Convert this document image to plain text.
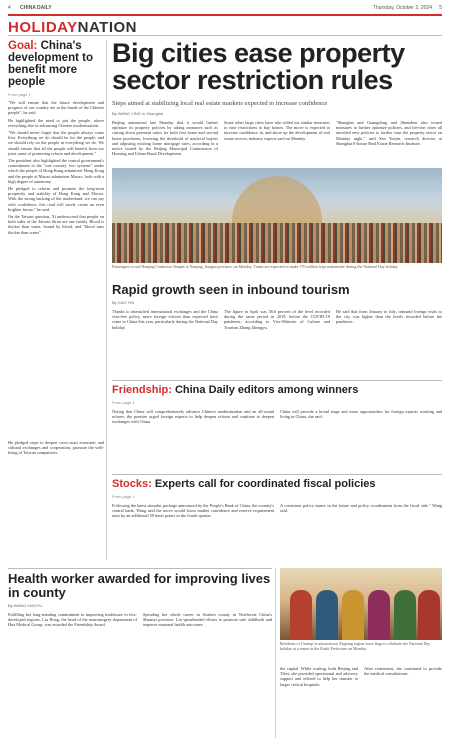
4 CHINA DAILY	Thursday, October 2, 2024 5
HOLIDAYNATION
Goal: China's development to benefit more people
From page 1

"We will ensure that the future development and progress of our country are in the hands of the Chinese people", he said.

He highlighted the need to put the people, above everything else in advancing Chinese modernization.

"We should never forget that the people always come first. Everything we do should be for the people, and we should rely on the people in everything we do. We should ensure that all the people will benefit from our joint cause of promoting reform and development."

The president also highlighted the central government's commitment to the "one country, two systems" under which the people of Hong Kong administer Hong Kong and the people of Macao administer Macao, both with a high degree of autonomy.

He pledged to reform and promote the long-term prosperity and stability of Hong Kong and Macao. With the strong backing of the motherland, we can say with confidence, this road will surely create an even brighter future," he said.

On the Taiwan question, Xi underscored that people on both sides of the Taiwan Strait are one family. Blood is thicker than water, bound by blood, and "blood runs thicker than water".

He pledged steps to deepen cross-strait economic and cultural exchanges and cooperation, promote the well-being of Taiwan compatriots.

Big cities ease property sector restriction rules
Steps aimed at stabilizing local real estate markets expected to increase confidence
By WANG YING in Shanghai

Beijing announced late Monday that it would further optimize its property policies by taking measures such as cutting down payment ratios for both first home and second home purchases, lowering the threshold of nonlocal buyers and adjusting existing home mortgage rates, according to a notice issued by the Beijing Municipal Commission of Housing and Urban-Rural Development.

Some other large cities have also rolled out similar measures to ease restrictions to buy homes. The move is expected to increase confidence in, and shore up the development of real estate sectors, industry experts said on Monday.

"Shanghai and Guangdong and Shenzhen also issued measures to further optimize policies, and tier-one cities all unveiled new policies to further ease the property sector on Monday night," said Yan Yuejin, research director at Shanghai E-house Real Estate Research Institute.

Passengers crowd Nanjing Confucius Temple at Nanjing, Jiangsu province, on Monday. Trains are expected to make 170 million trips nationwide during the National Day holiday.
Rapid growth seen in inbound tourism
By CAO YIN

Thanks to intensified international exchanges and the China visa-free policy, more foreign visitors than expected have come to China this year, particularly during the National Day holiday.

The figure in April was 56.6 percent of the level recorded during the same period in 2019, before the COVID-19 pandemic, according to Vice-Minister of Culture and Tourism Zhang Zhengyu.

He said that from January to July, inbound foreign visits to the city was higher than the levels recorded before the pandemic.

Friendship: China Daily editors among winners
From page 1

Noting that China will comprehensively advance Chinese modernization and an all-round reform, the premier urged foreign experts to help deepen reform and continue to deepen exchanges with China.

China will provide a broad stage and more opportunities for foreign experts working and living in China, she said.

Stocks: Experts call for coordinated fiscal policies
From page 1

Following the latest stimulus package announced by the People's Bank of China, the country's central bank, Wang said the move would boost market confidence and reserve requirement ratio by an additional 50 basis points in the fourth quarter.

A consistent policy stance in the future and policy coordination from the fiscal side." Wang said.

Health worker awarded for improving lives in county
By WANG XIAOYU

Fulfilling her long-standing commitment to improving healthcare in less-developed regions, Liu Hong, the head of the neurosurgery department of Hua Medical Group, was awarded the Friendship Award.

Spending her whole career in Anzhen county in Northwest China's Shaanxi province, Liu spearheaded efforts to promote safe childbirth and improve maternal health outcomes.

Residents of Urumqi in autonomous Xinjiang region wave flags to celebrate the National Day holiday at a venue in the Kashi Prefecture on Monday.

the capital. While waiting, both Beijing and Tibet, she provided operational and advisory support and offered to help her transfer to larger critical hospitals.

After retirement, she continued to provide the medical consultations.
